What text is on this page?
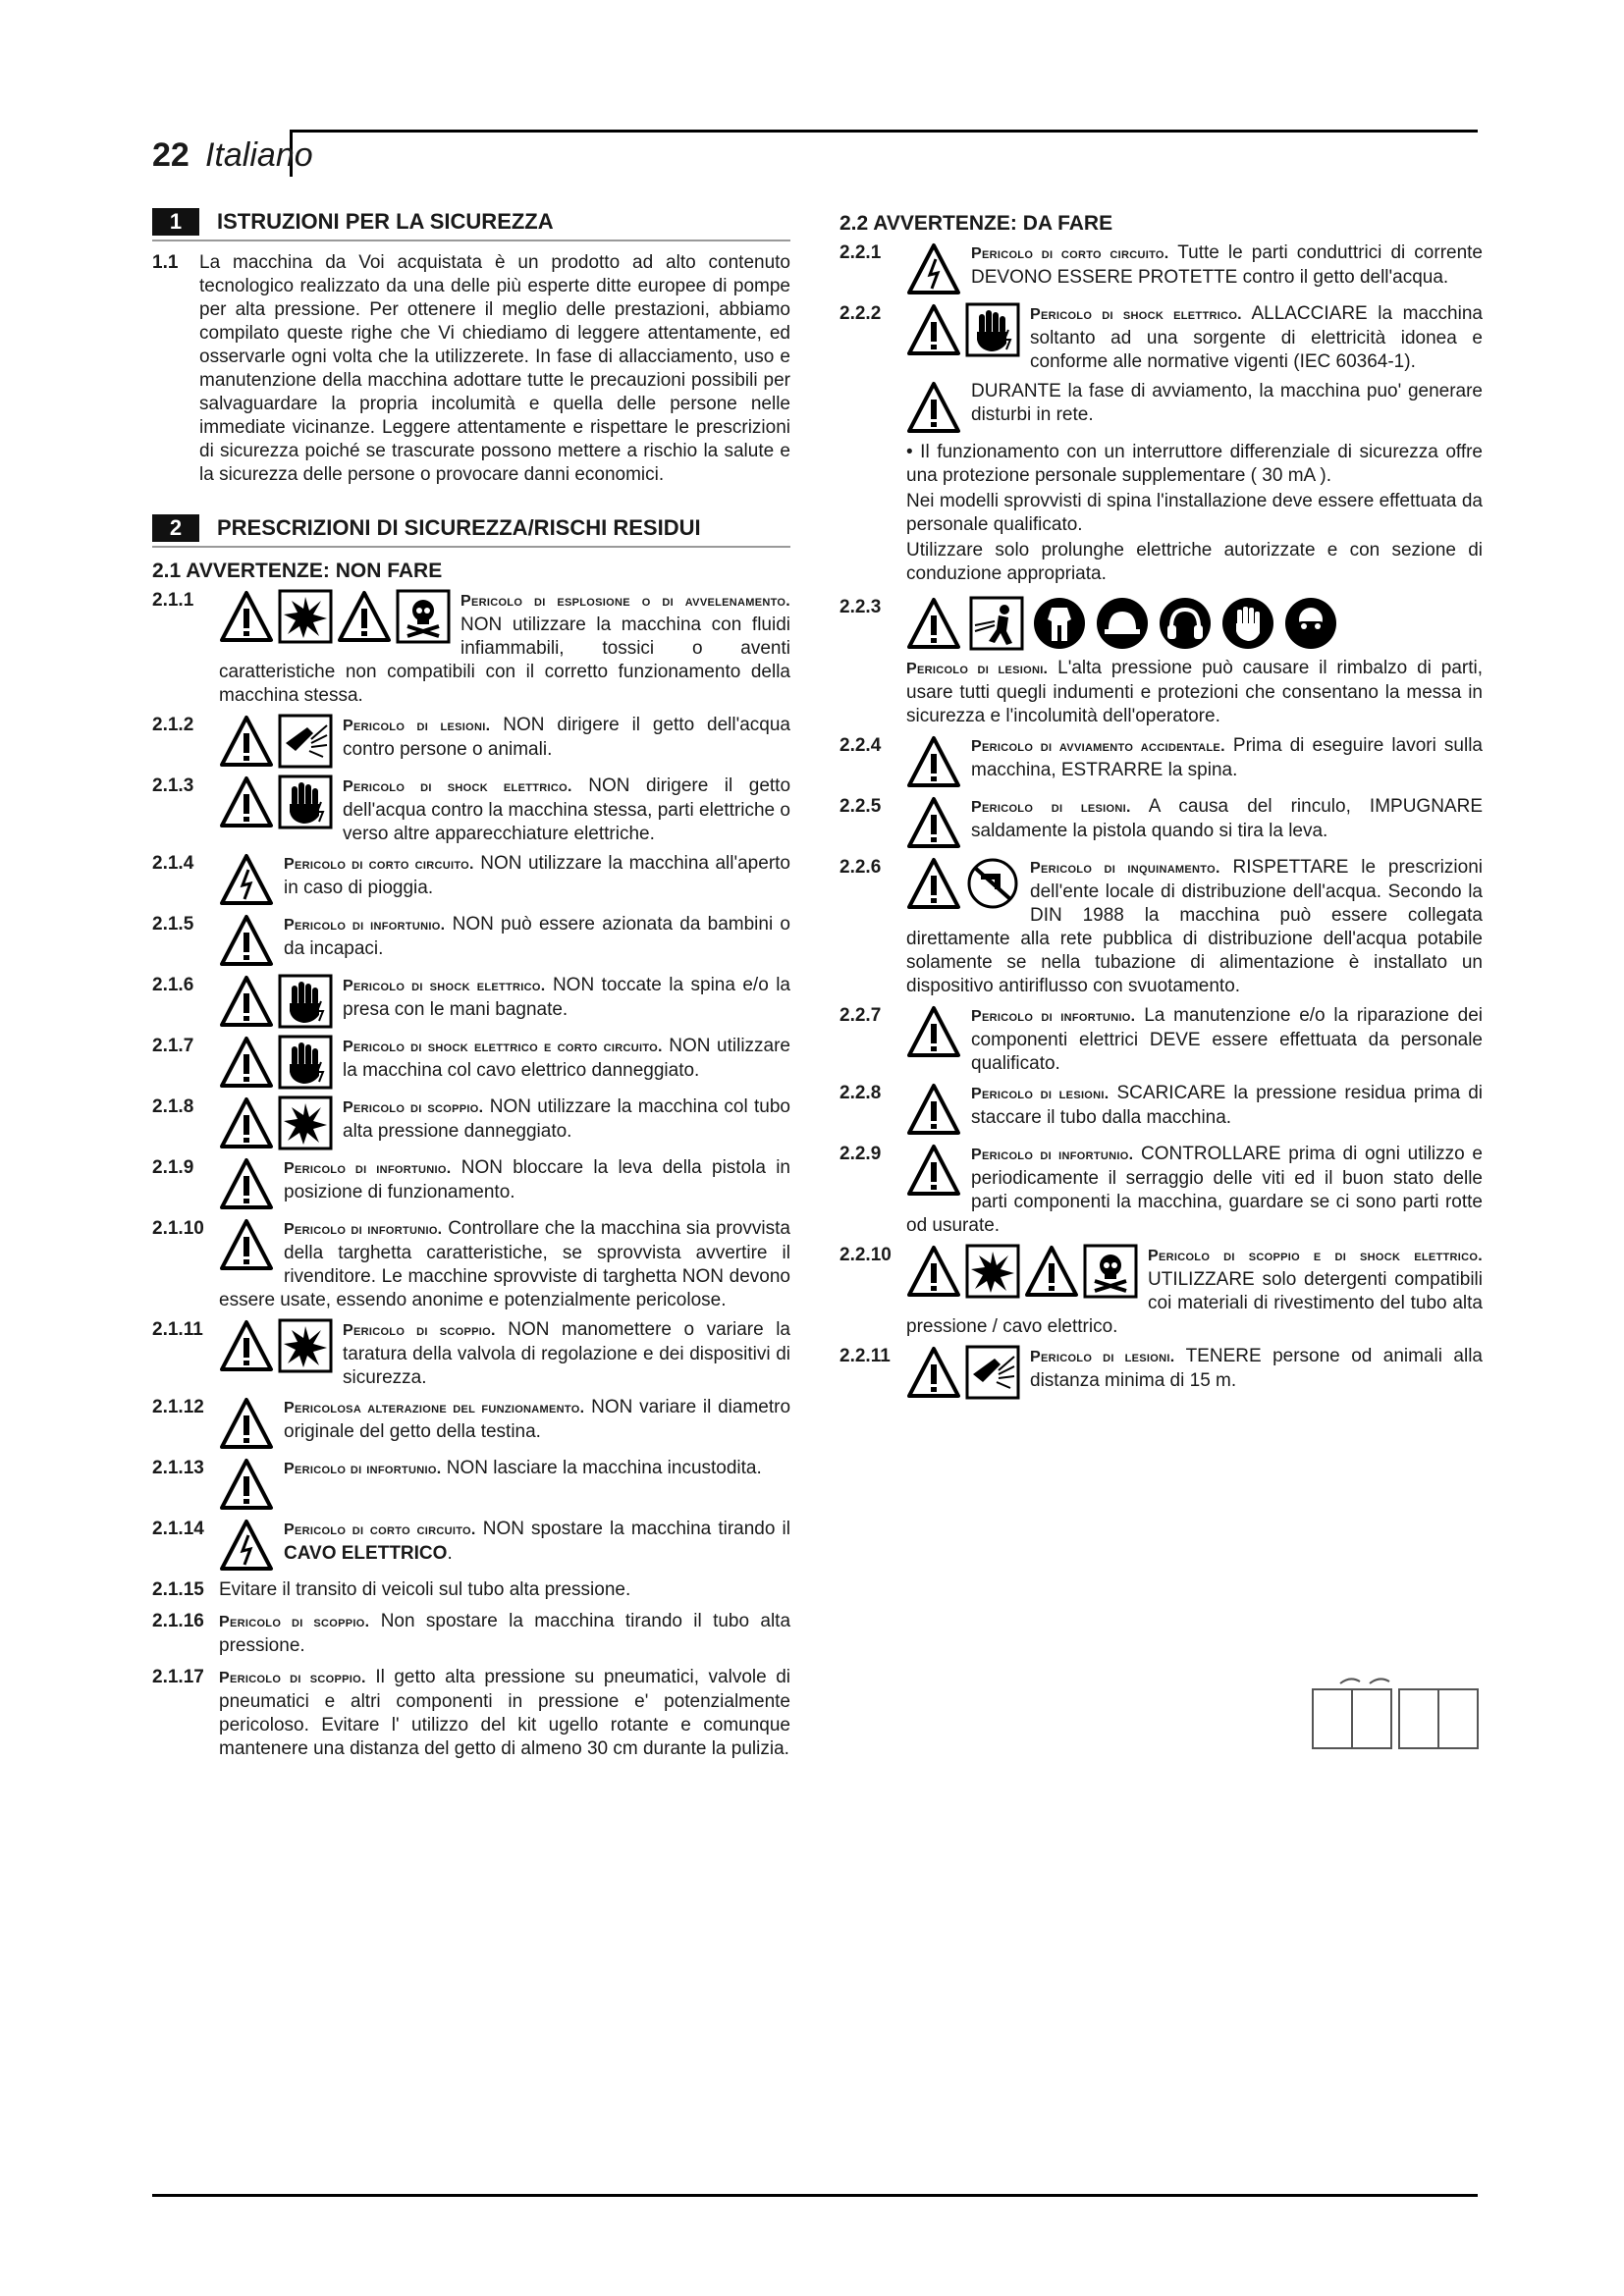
22 Italiano
1	ISTRUZIONI PER LA SICUREZZA
1.1 La macchina da Voi acquistata è un prodotto ad alto contenuto tecnologico realizzato da una delle più esperte ditte europee di pompe per alta pressione. Per ottenere il meglio delle prestazioni, abbiamo compilato queste righe che Vi chiediamo di leggere attentamente, ed osservarle ogni volta che la utilizzerete. In fase di allacciamento, uso e manutenzione della macchina adottare tutte le precauzioni possibili per salvaguardare la propria incolumità e quella delle persone nelle immediate vicinanze. Leggere attentamente e rispettare le prescrizioni di sicurezza poiché se trascurate possono mettere a rischio la salute e la sicurezza delle persone o provocare danni economici.
2	PRESCRIZIONI DI SICUREZZA/RISCHI RESIDUI
2.1 AVVERTENZE: NON FARE
2.1.1	Pericolo di esplosione o di avvelenamento. NON utilizzare la macchina con fluidi infiammabili, tossici o aventi caratteristiche non compatibili con il corretto funzionamento della macchina stessa.
2.1.2	Pericolo di lesioni. NON dirigere il getto dell'acqua contro persone o animali.
2.1.3	Pericolo di shock elettrico. NON dirigere il getto dell'acqua contro la macchina stessa, parti elettriche o verso altre apparecchiature elettriche.
2.1.4	Pericolo di corto circuito. NON utilizzare la macchina all'aperto in caso di pioggia.
2.1.5	Pericolo di infortunio. NON può essere azionata da bambini o da incapaci.
2.1.6	Pericolo di shock elettrico. NON toccate la spina e/o la presa con le mani bagnate.
2.1.7	Pericolo di shock elettrico e corto circuito. NON utilizzare la macchina col cavo elettrico danneggiato.
2.1.8	Pericolo di scoppio. NON utilizzare la macchina col tubo alta pressione danneggiato.
2.1.9	Pericolo di infortunio. NON bloccare la leva della pistola in posizione di funzionamento.
2.1.10	Pericolo di infortunio. Controllare che la macchina sia provvista della targhetta caratteristiche, se sprovvista avvertire il rivenditore. Le macchine sprovviste di targhetta NON devono essere usate, essendo anonime e potenzialmente pericolose.
2.1.11	Pericolo di scoppio. NON manomettere o variare la taratura della valvola di regolazione e dei dispositivi di sicurezza.
2.1.12	Pericolosa alterazione del funzionamento. NON variare il diametro originale del getto della testina.
2.1.13	Pericolo di infortunio. NON lasciare la macchina incustodita.
2.1.14	Pericolo di corto circuito. NON spostare la macchina tirando il CAVO ELETTRICO.
2.1.15 Evitare il transito di veicoli sul tubo alta pressione.
2.1.16 Pericolo di scoppio. Non spostare la macchina tirando il tubo alta pressione.
2.1.17 Pericolo di scoppio. Il getto alta pressione su pneumatici, valvole di pneumatici e altri componenti in pressione e' potenzialmente pericoloso. Evitare l' utilizzo del kit ugello rotante e comunque mantenere una distanza del getto di almeno 30 cm durante la pulizia.
2.2 AVVERTENZE: DA FARE
2.2.1	Pericolo di corto circuito. Tutte le parti conduttrici di corrente DEVONO ESSERE PROTETTE contro il getto dell'acqua.
2.2.2	Pericolo di shock elettrico. ALLACCIARE la macchina soltanto ad una sorgente di elettricità idonea e conforme alle normative vigenti (IEC 60364-1).
DURANTE la fase di avviamento, la macchina puo' generare disturbi in rete.

• Il funzionamento con un interruttore differenziale di sicurezza offre una protezione personale supplementare ( 30 mA ).

Nei modelli sprovvisti di spina l'installazione deve essere effettuata da personale qualificato.

Utilizzare solo prolunghe elettriche autorizzate e con sezione di conduzione appropriata.

2.2.3
Pericolo di lesioni. L'alta pressione può causare il rimbalzo di parti, usare tutti quegli indumenti e protezioni che consentano la messa in sicurezza e l'incolumità dell'operatore.
2.2.4	Pericolo di avviamento accidentale. Prima di eseguire lavori sulla macchina, ESTRARRE la spina.
2.2.5	Pericolo di lesioni. A causa del rinculo, IMPUGNARE saldamente la pistola quando si tira la leva.
2.2.6	Pericolo di inquinamento. RISPETTARE le prescrizioni dell'ente locale di distribuzione dell'acqua. Secondo la DIN 1988 la macchina può essere collegata direttamente alla rete pubblica di distribuzione dell'acqua potabile solamente se nella tubazione di alimentazione è installato un dispositivo antiriflusso con svuotamento.
2.2.7	Pericolo di infortunio. La manutenzione e/o la riparazione dei componenti elettrici DEVE essere effettuata da personale qualificato.
2.2.8	Pericolo di lesioni. SCARICARE la pressione residua prima di staccare il tubo dalla macchina.
2.2.9	Pericolo di infortunio. CONTROLLARE prima di ogni utilizzo e periodicamente il serraggio delle viti ed il buon stato delle parti componenti la macchina, guardare se ci sono parti rotte od usurate.
2.2.10	Pericolo di scoppio e di shock elettrico. UTILIZZARE solo detergenti compatibili coi materiali di rivestimento del tubo alta pressione / cavo elettrico.
2.2.11	Pericolo di lesioni. TENERE persone od animali alla distanza minima di 15 m.
